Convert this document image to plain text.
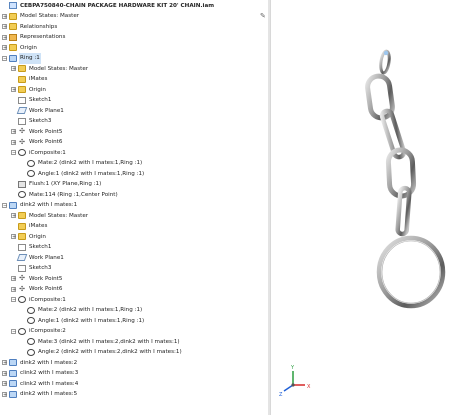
CEBPA750840-CHAIN PACKAGE HARDWARE KIT 20' CHAIN.iam
+ Model States: Master
+ Relationships
+ Representations
+ Origin
− Ring :1
+ Model States: Master
iMates
+ Origin
Sketch1
Work Plane1
Sketch3
+ ✣ Work Point5
+ ✣ Work Point6
− iComposite:1
Mate:2 (dink2 with I mates:1,Ring :1)
Angle:1 (dink2 with I mates:1,Ring :1)
Flush:1 (XY Plane,Ring :1)
Mate:114 (Ring :1,Center Point)
− dink2 with I mates:1
+ Model States: Master
iMates
+ Origin
Sketch1
Work Plane1
Sketch3
+ ✣ Work Point5
+ ✣ Work Point6
− iComposite:1
Mate:2 (dink2 with I mates:1,Ring :1)
Angle:1 (dink2 with I mates:1,Ring :1)
− iComposite:2
Mate:3 (dink2 with I mates:2,dink2 with I mates:1)
Angle:2 (dink2 with I mates:2,dink2 with I mates:1)
+ dink2 with I mates:2
+ clink2 with I mates:3
+ clink2 with I mates:4
+ dink2 with I mates:5
✎
X
Y
Z
